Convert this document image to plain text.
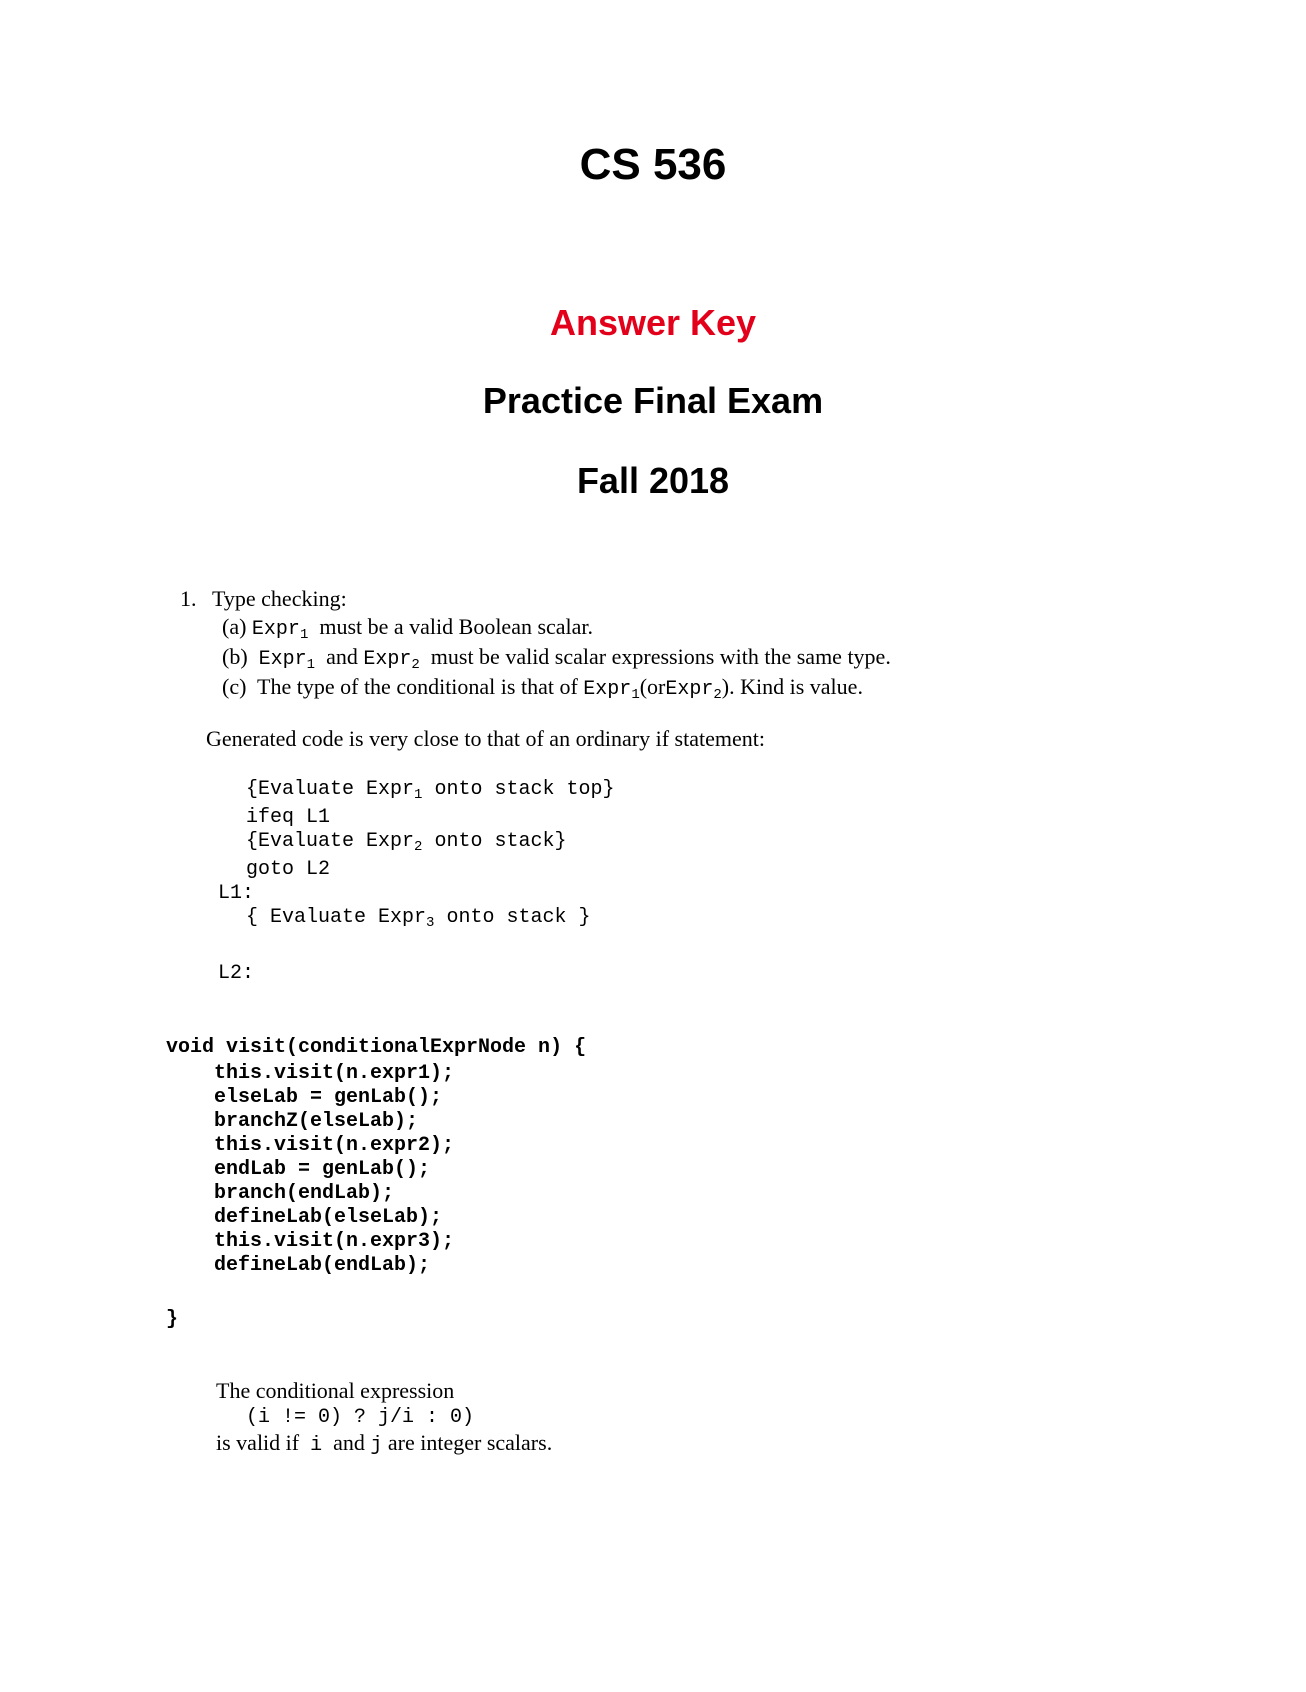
CS 536
Answer Key
Practice Final Exam
Fall 2018
1. Type checking:
(a) Expr$_1$ must be a valid Boolean scalar.
(b) Expr$_1$ and Expr$_2$ must be valid scalar expressions with the same type.
(c) The type of the conditional is that of Expr$_1$(orExpr$_2$). Kind is value.
Generated code is very close to that of an ordinary if statement:
{Evaluate Expr$_1$ onto stack top}
ifeq L1
{Evaluate Expr$_2$ onto stack}
goto L2
L1:
{ Evaluate Expr$_3$ onto stack }
L2:
void visit(conditionalExprNode n) {
this.visit(n.expr1);
elseLab = genLab();
branchZ(elseLab);
this.visit(n.expr2);
endLab = genLab();
branch(endLab);
defineLab(elseLab);
this.visit(n.expr3);
defineLab(endLab);
}
The conditional expression
(i != 0) ? j/i : 0)
is valid if i and j are integer scalars.
